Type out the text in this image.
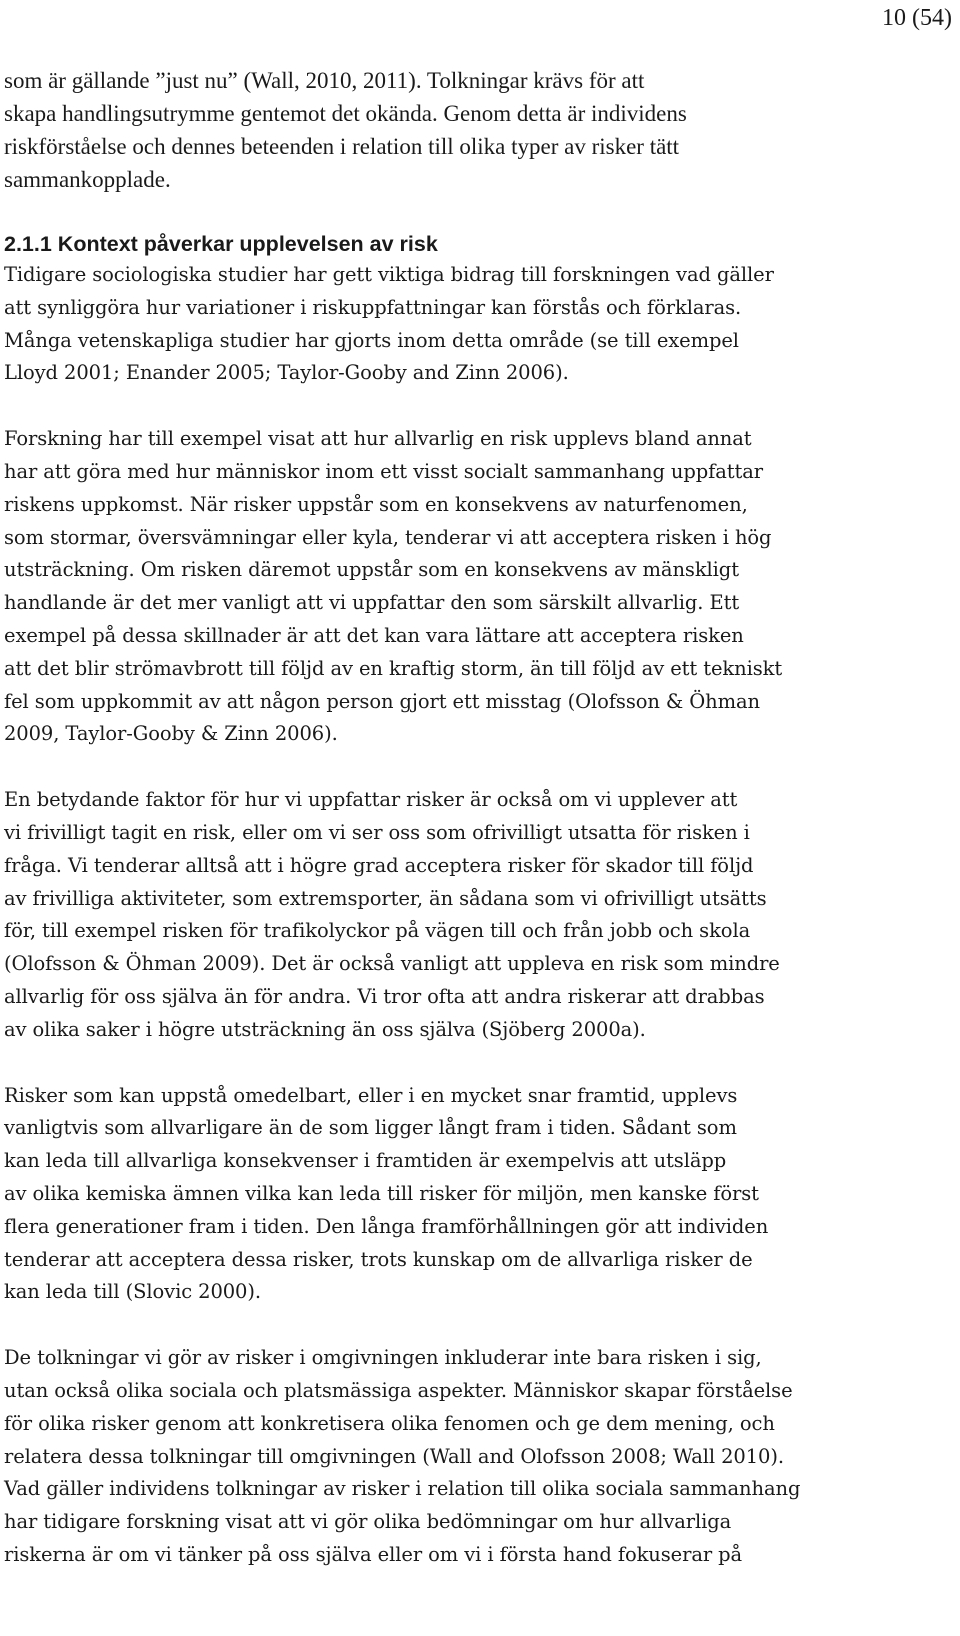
10 (54)

som är gällande ”just nu” (Wall, 2010, 2011). Tolkningar krävs för att
skapa handlingsutrymme gentemot det okända. Genom detta är individens
riskförståelse och dennes beteenden i relation till olika typer av risker tätt
sammankopplade.

2.1.1 Kontext påverkar upplevelsen av risk

Tidigare sociologiska studier har gett viktiga bidrag till forskningen vad gäller
att synliggöra hur variationer i riskuppfattningar kan förstås och förklaras.
Många vetenskapliga studier har gjorts inom detta område (se till exempel
Lloyd 2001; Enander 2005; Taylor-Gooby and Zinn 2006).

Forskning har till exempel visat att hur allvarlig en risk upplevs bland annat
har att göra med hur människor inom ett visst socialt sammanhang uppfattar
riskens uppkomst. När risker uppstår som en konsekvens av naturfenomen,
som stormar, översvämningar eller kyla, tenderar vi att acceptera risken i hög
utsträckning. Om risken däremot uppstår som en konsekvens av mänskligt
handlande är det mer vanligt att vi uppfattar den som särskilt allvarlig. Ett
exempel på dessa skillnader är att det kan vara lättare att acceptera risken
att det blir strömavbrott till följd av en kraftig storm, än till följd av ett tekniskt
fel som uppkommit av att någon person gjort ett misstag (Olofsson & Öhman
2009, Taylor-Gooby & Zinn 2006).

En betydande faktor för hur vi uppfattar risker är också om vi upplever att
vi frivilligt tagit en risk, eller om vi ser oss som ofrivilligt utsatta för risken i
fråga. Vi tenderar alltså att i högre grad acceptera risker för skador till följd
av frivilliga aktiviteter, som extremsporter, än sådana som vi ofrivilligt utsätts
för, till exempel risken för trafikolyckor på vägen till och från jobb och skola
(Olofsson & Öhman 2009). Det är också vanligt att uppleva en risk som mindre
allvarlig för oss själva än för andra. Vi tror ofta att andra riskerar att drabbas
av olika saker i högre utsträckning än oss själva (Sjöberg 2000a).

Risker som kan uppstå omedelbart, eller i en mycket snar framtid, upplevs
vanligtvis som allvarligare än de som ligger långt fram i tiden. Sådant som
kan leda till allvarliga konsekvenser i framtiden är exempelvis att utsläpp
av olika kemiska ämnen vilka kan leda till risker för miljön, men kanske först
flera generationer fram i tiden. Den långa framförhållningen gör att individen
tenderar att acceptera dessa risker, trots kunskap om de allvarliga risker de
kan leda till (Slovic 2000).

De tolkningar vi gör av risker i omgivningen inkluderar inte bara risken i sig,
utan också olika sociala och platsmässiga aspekter. Människor skapar förståelse
för olika risker genom att konkretisera olika fenomen och ge dem mening, och
relatera dessa tolkningar till omgivningen (Wall and Olofsson 2008; Wall 2010).
Vad gäller individens tolkningar av risker i relation till olika sociala sammanhang
har tidigare forskning visat att vi gör olika bedömningar om hur allvarliga
riskerna är om vi tänker på oss själva eller om vi i första hand fokuserar på
